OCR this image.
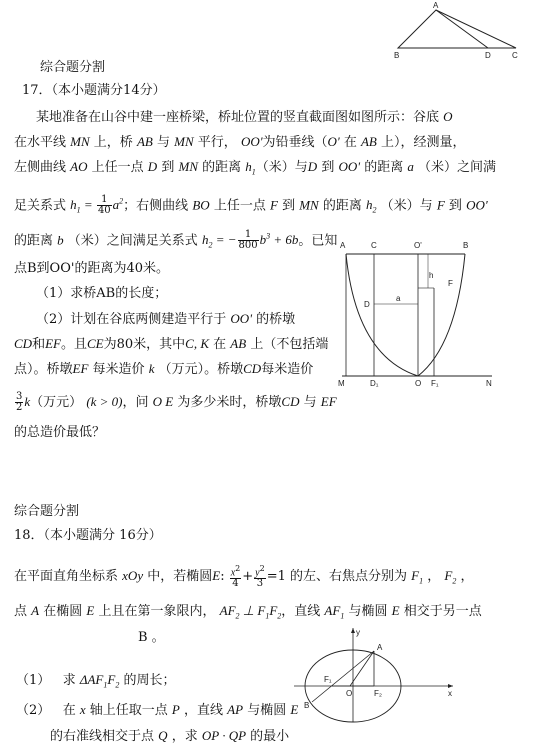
A
B	D	C
综合题分割
17．（本小题满分14分）
某地准备在山谷中建一座桥梁，桥址位置的竖直截面图如图所示：谷底 O
在水平线 MN 上，桥 AB 与 MN 平行， OO'为铅垂线（O' 在 AB 上），经测量，
左侧曲线 AO 上任一点 D 到 MN 的距离 $h_1$（米）与D 到 OO' 的距离 a （米）之间满
足关系式 $h_1 = \frac{1}{40} a^2$；右侧曲线 BO 上任一点 F 到 MN 的距离 $h_2$ （米）与 F 到 OO'
的距离 b （米）之间满足关系式 $h_2$ = − $\frac{1}{800} b^3 + 6b$。已知
点B到OO'的距离为40米。
（1）求桥AB的长度；
（2）计划在谷底两侧建造平行于 OO' 的桥墩
CD和EF。且CE为80米，其中C, K 在 AB 上（不包括端
点）。桥墩EF 每米造价 k （万元）。桥墩CD每米造价
$\frac{3}{2} k$（万元） (k > 0)，问 O E 为多少米时，桥墩CD 与 EF
的总造价最低？
A	C	O'	B
h
F
D
a
M	D₁	O F₁	N
综合题分割
18．（本小题满分 16分）
在平面直角坐标系 xOy 中，若椭圆E: $\frac{x^2}{4} + \frac{y^2}{3} =1$ 的左、右焦点分别为 $F_1$ ， $F_2$ ，
点 A 在椭圆 E 上且在第一象限内， $AF_2$ ⊥ $F_1F_2$，直线 $AF_1$ 与椭圆 E 相交于另一点
B 。
（1） 求 $\Delta AF_1F_2$ 的周长；
（2） 在 x 轴上任取一点 P ，直线 AP 与椭圆 E
的右准线相交于点 Q ，求 OP · QP 的最小
y
A
F₁
O	F₂	x
B
